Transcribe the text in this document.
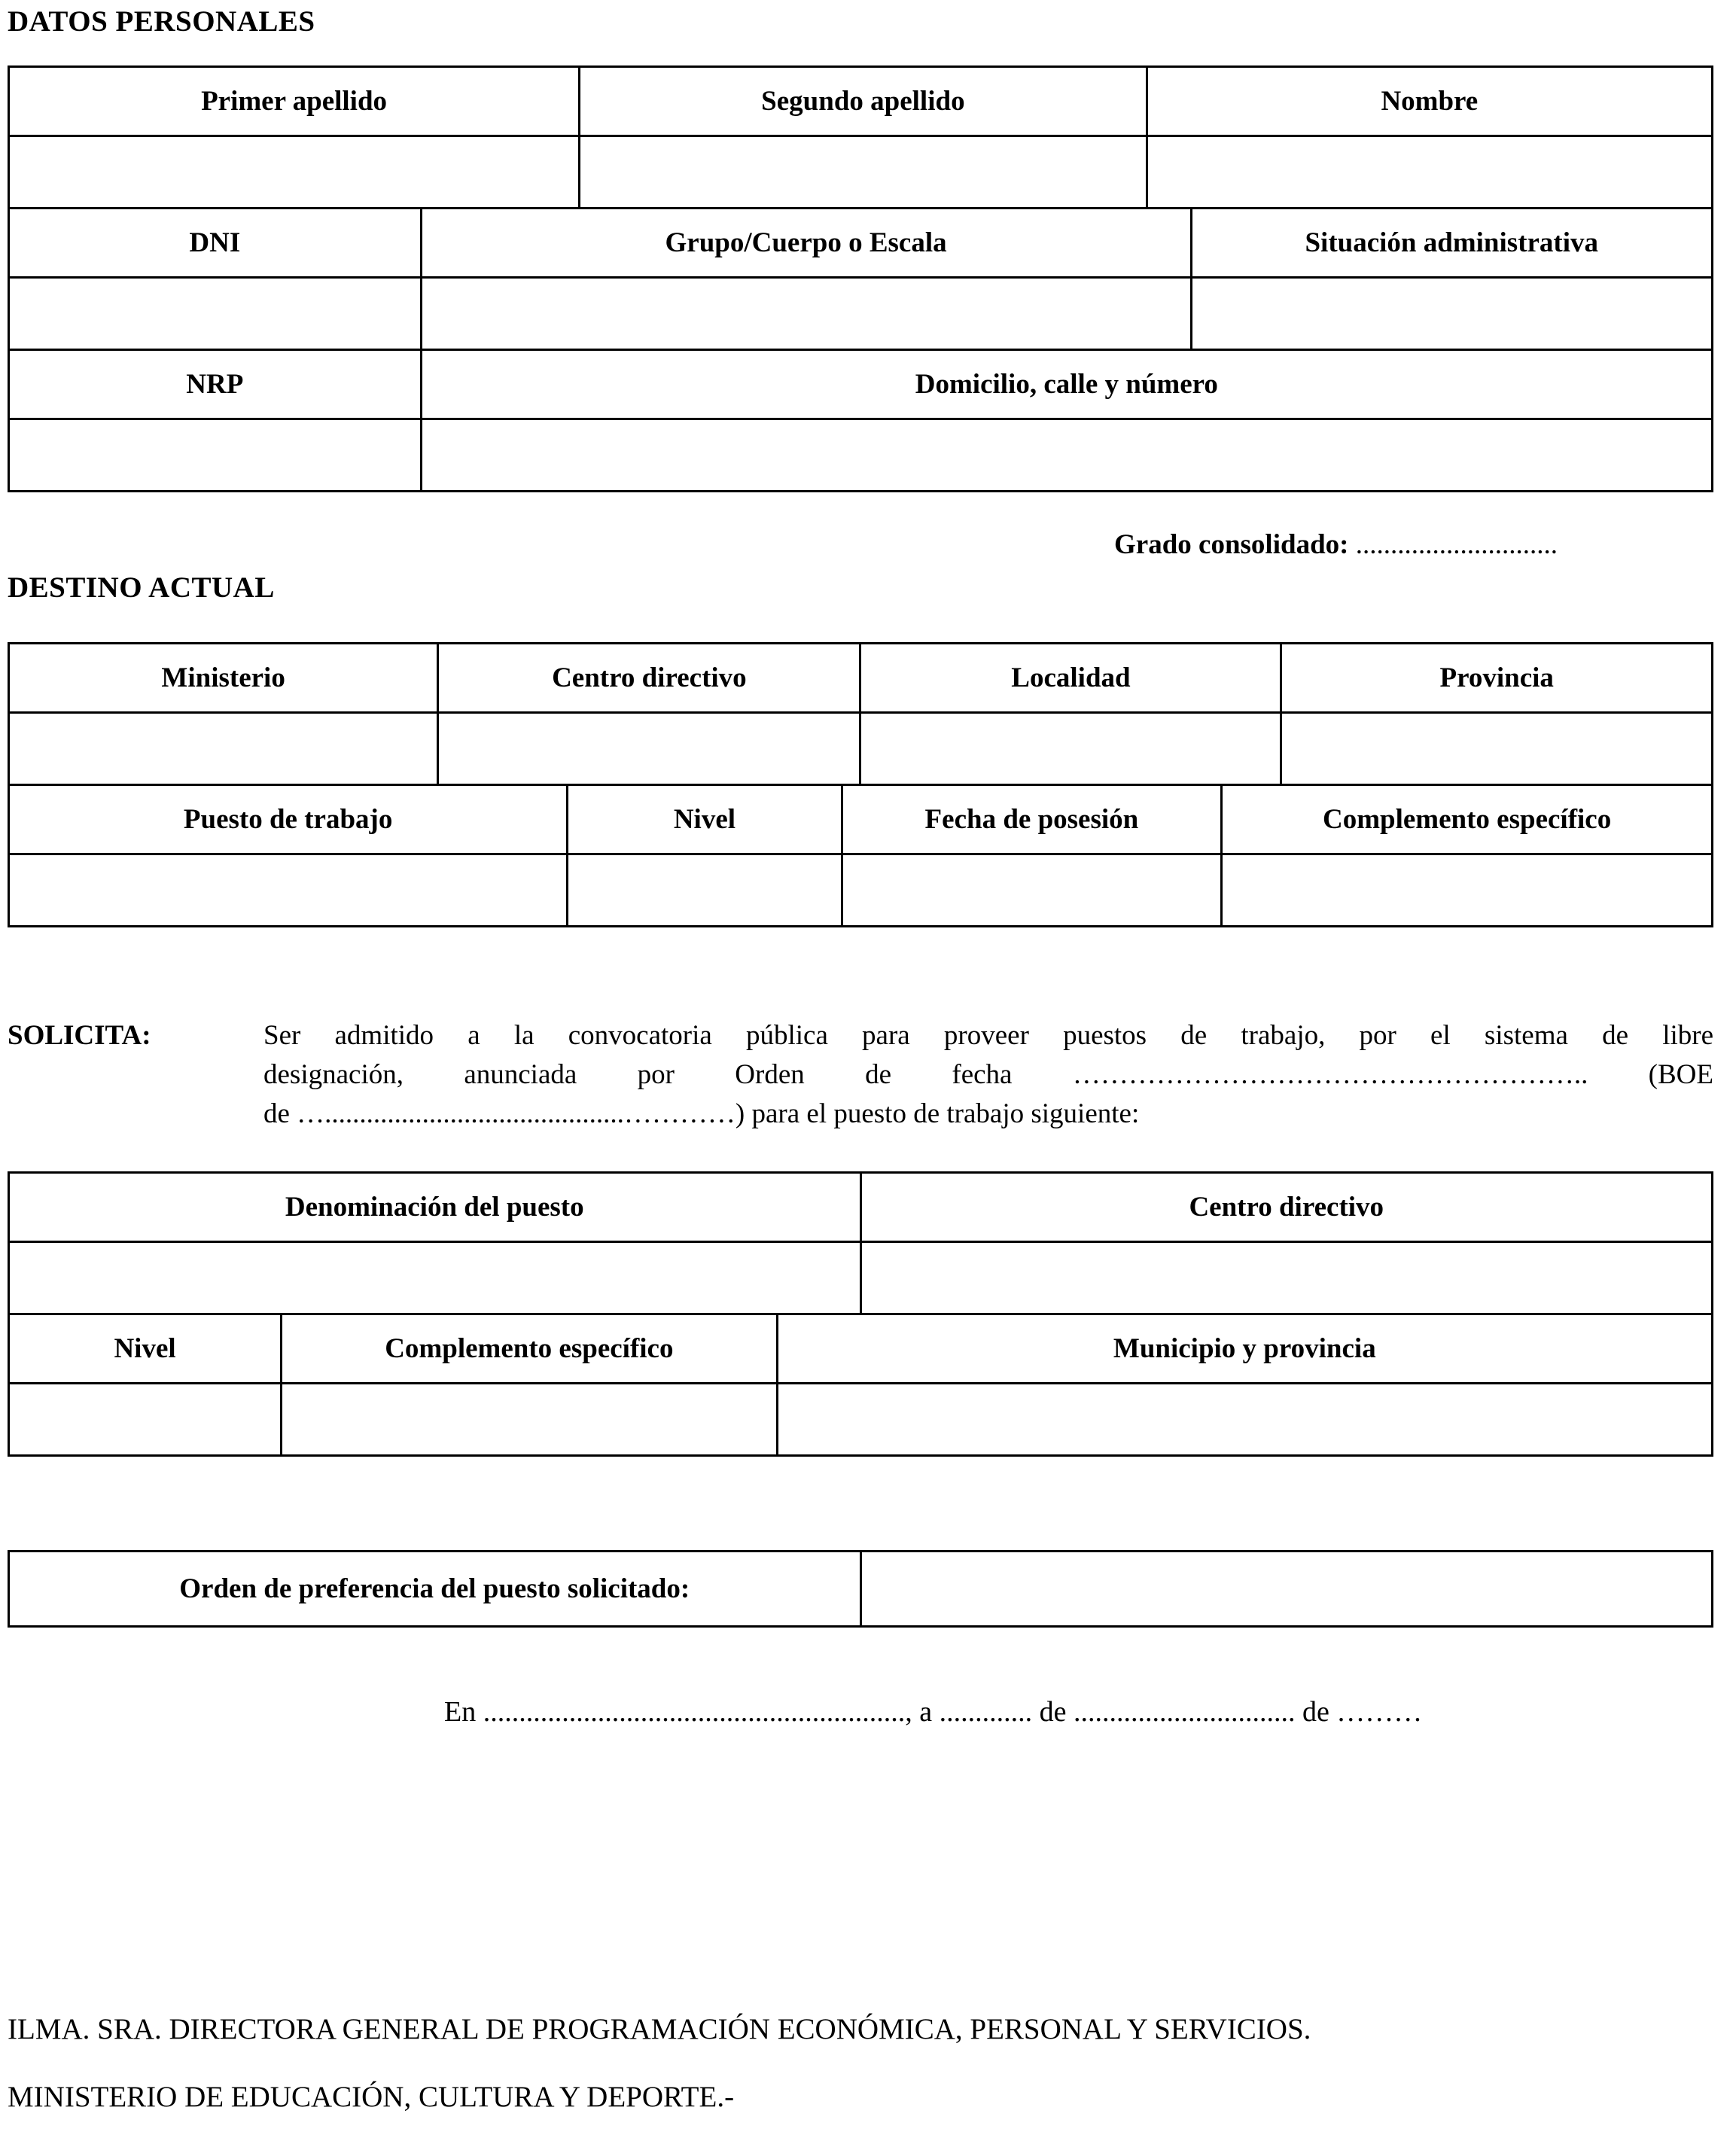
DATOS PERSONALES
Primer apellido	Segundo apellido	Nombre

DNI	Grupo/Cuerpo o Escala	Situación administrativa

NRP	Domicilio, calle y número

Grado consolidado: .............................
DESTINO ACTUAL
Ministerio	Centro directivo	Localidad	Provincia

Puesto de trabajo	Nivel	Fecha de posesión	Complemento específico

SOLICITA:	Ser admitido a la convocatoria pública para proveer puestos de trabajo, por el sistema de libre
designación, anunciada por Orden de fecha ……………………………………………….. (BOE
de …...........................................…………) para el puesto de trabajo siguiente:
Denominación del puesto	Centro directivo

Nivel	Complemento específico	Municipio y provincia

Orden de preferencia del puesto solicitado:	
En ..........................................................., a ............. de ............................... de ………
ILMA. SRA. DIRECTORA GENERAL DE PROGRAMACIÓN ECONÓMICA, PERSONAL Y SERVICIOS.
MINISTERIO DE EDUCACIÓN, CULTURA Y DEPORTE.-
